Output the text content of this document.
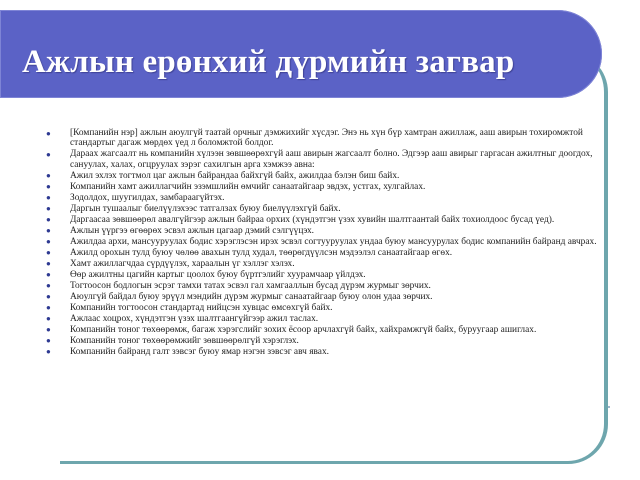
Ажлын ерөнхий дүрмийн загвар
● [Компанийн нэр] ажлын аюулгүй таатай орчныг дэмжихийг хүсдэг. Энэ нь хүн бүр хамтран ажиллаж, ааш авирын тохиромжтой стандартыг дагаж мөрдөх үед л боломжтой болдог.
● Дараах жагсаалт нь компанийн хүлээн зөвшөөрөхгүй ааш авирын жагсаалт болно. Эдгээр ааш авирыг гаргасан ажилтныг доогдох, сануулах, халах, огцруулах зэрэг сахилгын арга хэмжээ авна:
● Ажил эхлэх тогтмол цаг ажлын байрандаа байхгүй байх, ажилдаа бэлэн биш байх.
● Компанийн хамт ажиллагчийн эзэмшлийн өмчийг санаатайгаар эвдэх, устгах, хулгайлах.
● Зодолдох, шуугилдах, замбараагүйтэх.
● Даргын тушаалыг биелүүлэхээс татгалзах буюу биелүүлэхгүй байх.
● Даргаасаа зөвшөөрөл авалгүйгээр ажлын байраа орхих (хүндэтгэн үзэх хувийн шалтгаантай байх тохиолдоос бусад үед).
● Ажлын үүргээ өгөөрөх эсвэл ажлын цагаар дэмий сэлгүүцэх.
● Ажилдаа архи, мансууруулах бодис хэрэглэсэн ирэх эсвэл согтууруулах ундаа буюу мансуурулах бодис компанийн байранд авчрах.
● Ажилд орохын тулд буюу чөлөө авахын тулд худал, төөрөгдүүлсэн мэдээлэл санаатайгаар өгөх.
● Хамт ажиллагчдаа сүрдүүлэх, хараалын үг хэллэг хэлэх.
● Өөр ажилтны цагийн картыг цоолох буюу бүртгэлийг хуурамчаар үйлдэх.
● Тогтоосон бодлогын эсрэг тамхи татах эсвэл гал хамгааллын бусад дүрэм журмыг зөрчих.
● Аюулгүй байдал буюу эрүүл мэндийн дүрэм журмыг санаатайгаар буюу олон удаа зөрчих.
● Компанийн тогтоосон стандартад нийцсэн хувцас өмсөхгүй байх.
● Ажлаас хоцрох, хүндэтгэн үзэх шалтгаангүйгээр ажил таслах.
● Компанийн тоног төхөөрөмж, багаж хэрэгслийг зохих ёсоор арчлахгүй байх, хайхрамжгүй байх, буруугаар ашиглах.
● Компанийн тоног төхөөрөмжийг зөвшөөрөлгүй хэрэглэх.
● Компанийн байранд галт зэвсэг буюу ямар нэгэн зэвсэг авч явах.
